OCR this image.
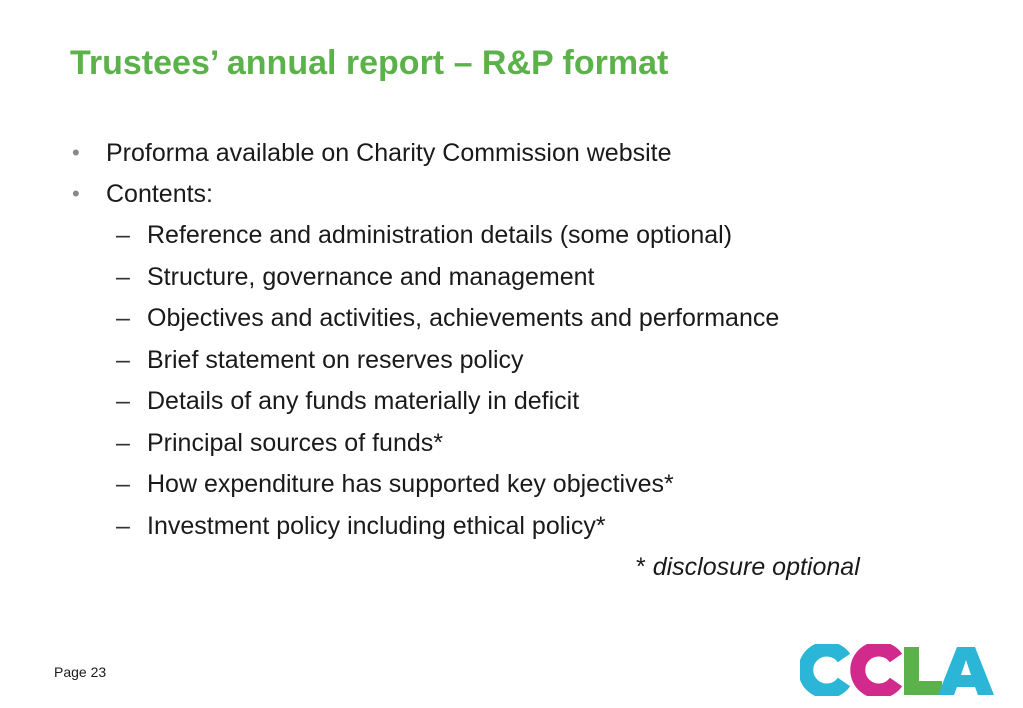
Trustees’ annual report – R&P format
• Proforma available on Charity Commission website
• Contents:
– Reference and administration details (some optional)
– Structure, governance and management
– Objectives and activities, achievements and performance
– Brief statement on reserves policy
– Details of any funds materially in deficit
– Principal sources of funds*
– How expenditure has supported key objectives*
– Investment policy including ethical policy*
* disclosure optional
Page 23
